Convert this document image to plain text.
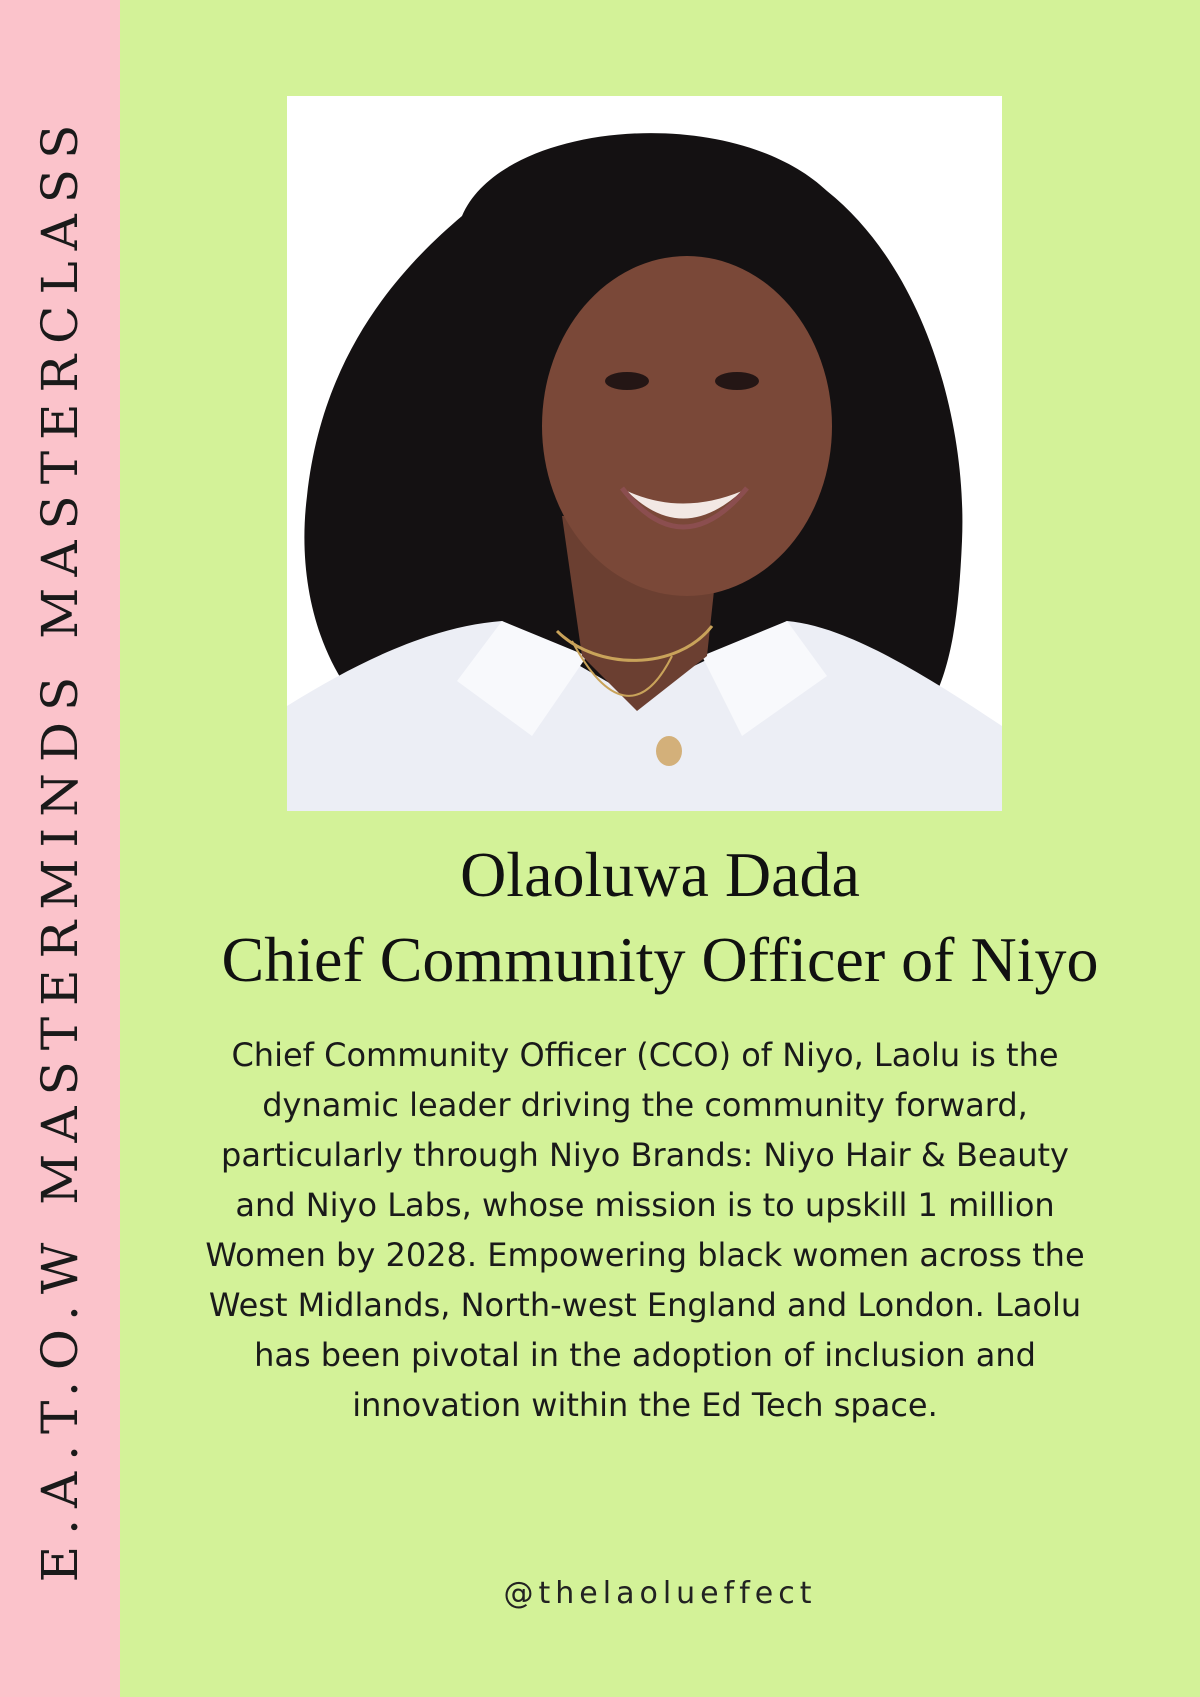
E.A.T.O.W MASTERMINDS MASTERCLASS	Olaoluwa Dada
Chief Community Officer of Niyo
Chief Community Officer (CCO) of Niyo, Laolu is the dynamic leader driving the community forward, particularly through Niyo Brands: Niyo Hair & Beauty and Niyo Labs, whose mission is to upskill 1 million Women by 2028. Empowering black women across the West Midlands, North-west England and London. Laolu has been pivotal in the adoption of inclusion and innovation within the Ed Tech space.
@thelaolueffect
